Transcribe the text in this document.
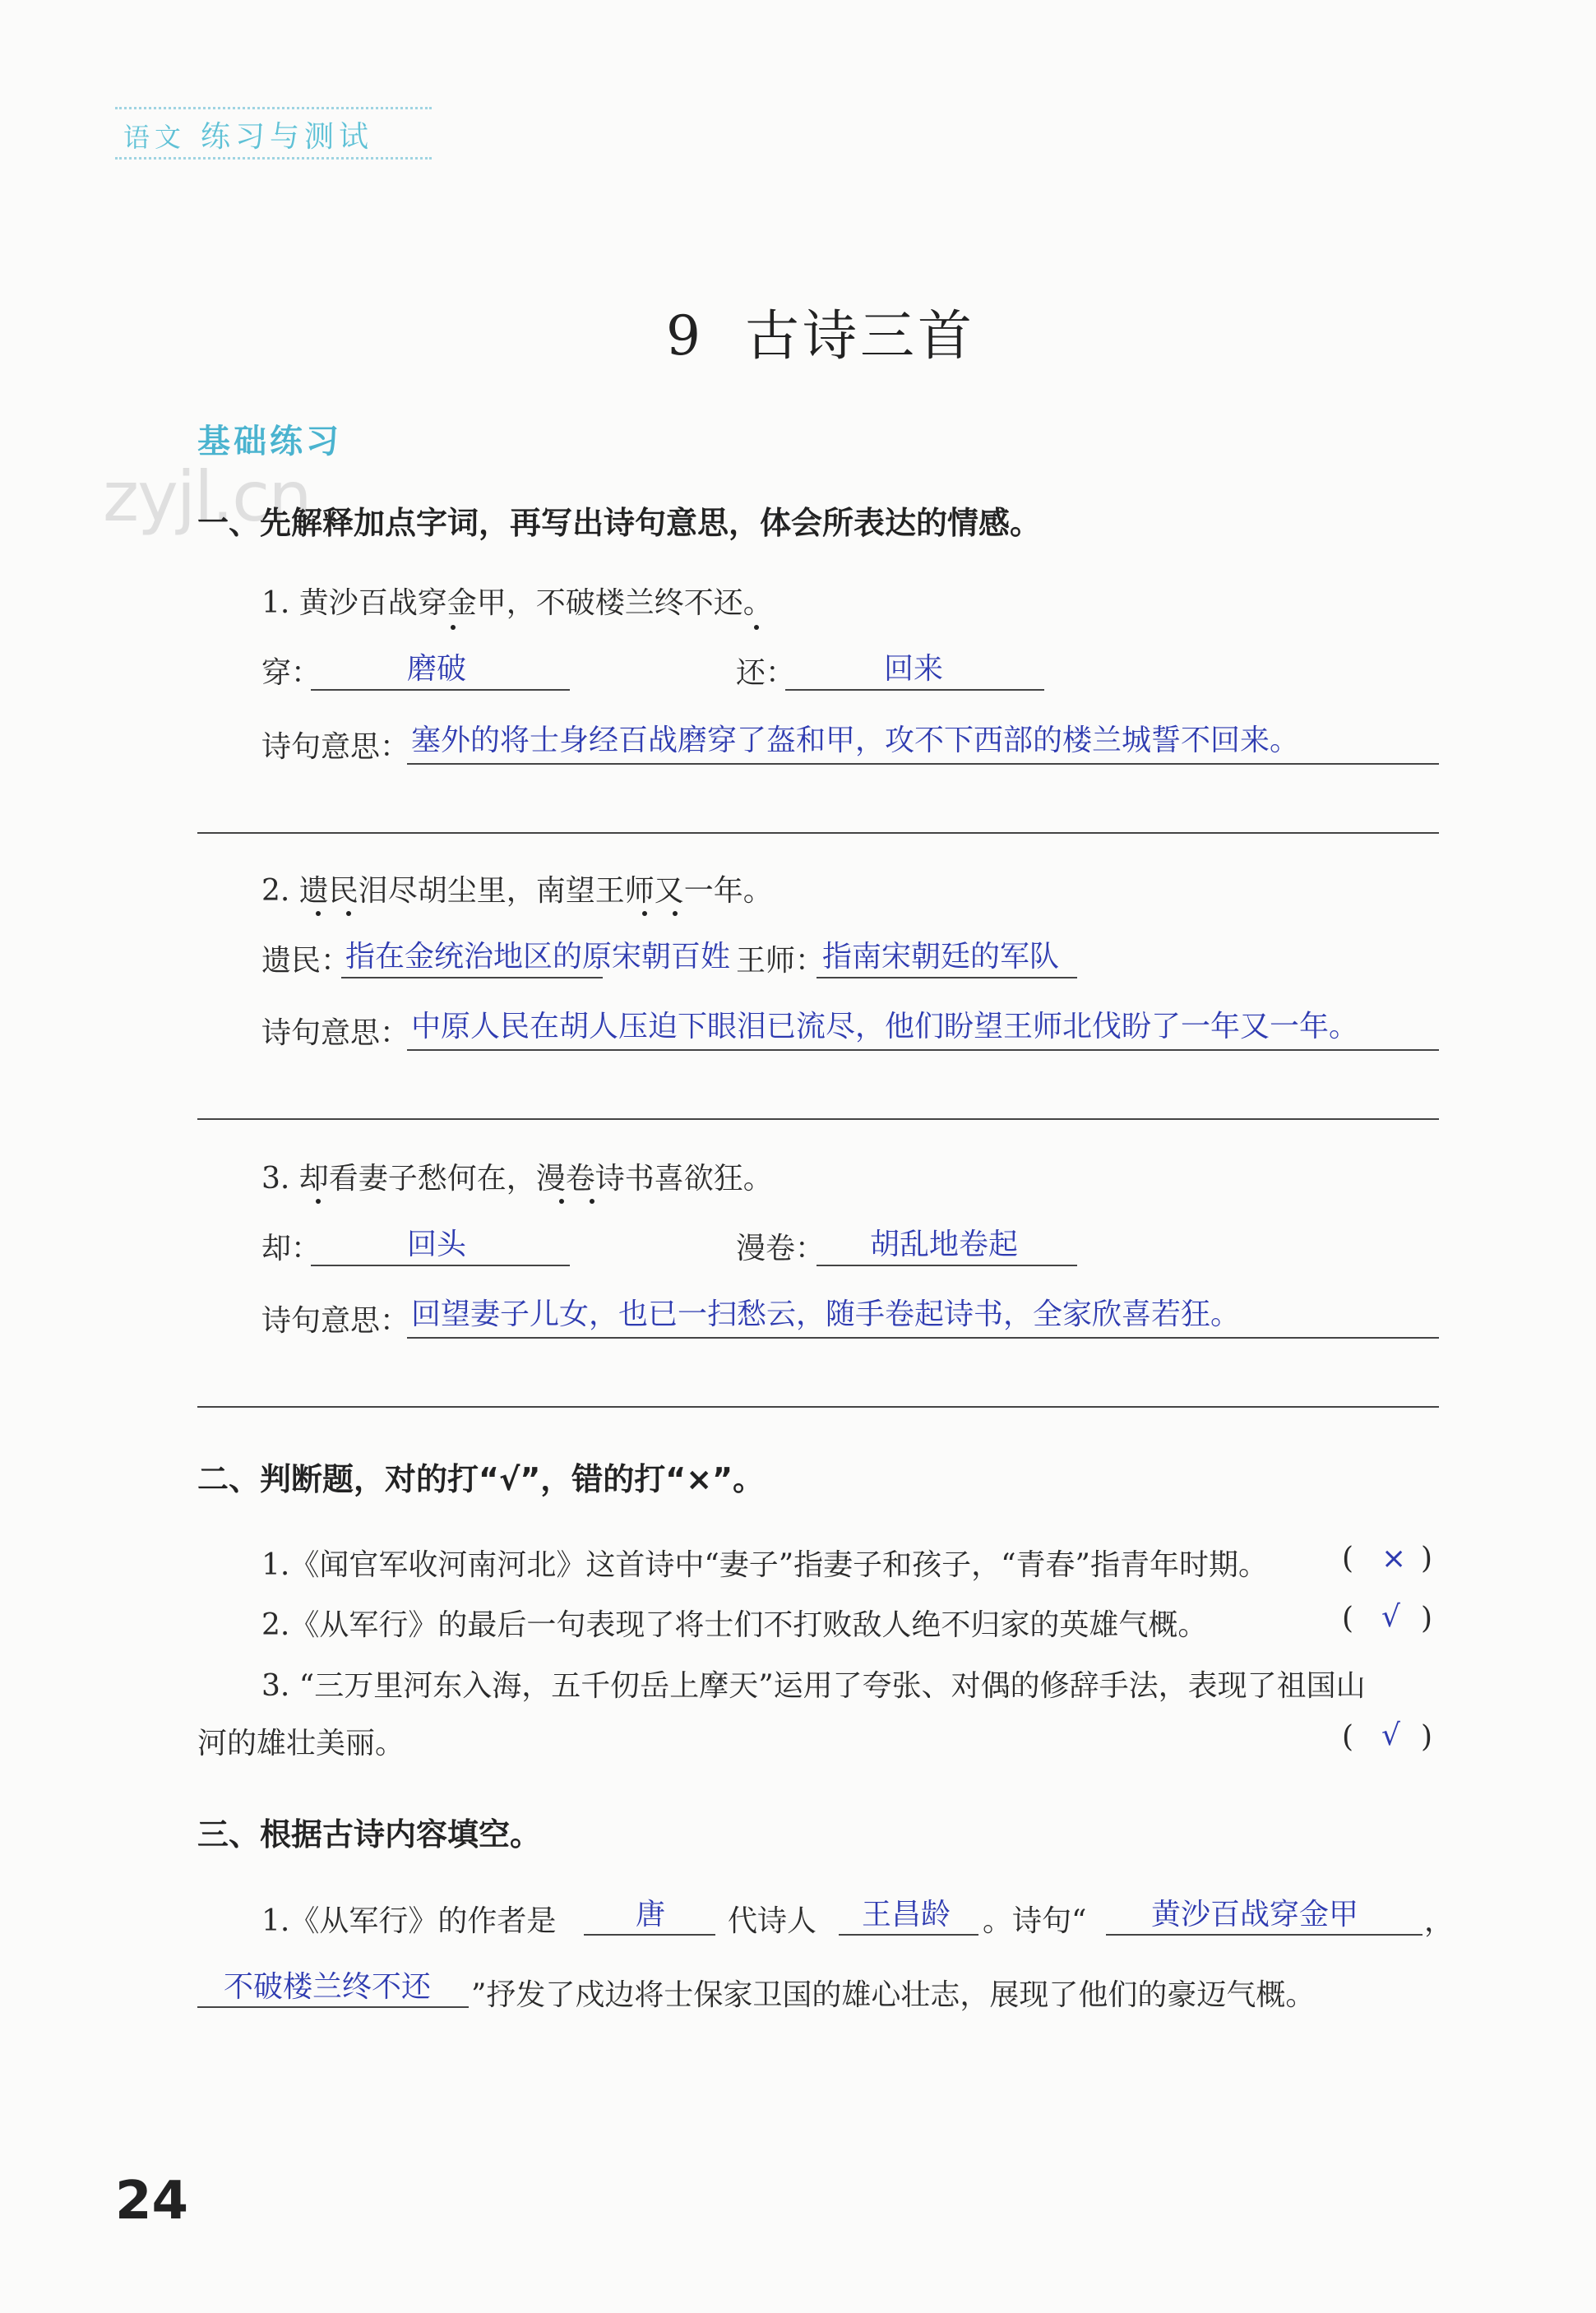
语文 练习与测试
9 古诗三首
基础练习
zyjl.cn
一、先解释加点字词，再写出诗句意思，体会所表达的情感。
1. 黄沙百战穿金甲，不破楼兰终不还。
穿：	磨破	还：	回来
诗句意思： 塞外的将士身经百战磨穿了盔和甲，攻不下西部的楼兰城誓不回来。
2. 遗民泪尽胡尘里，南望王师又一年。
遗民：
指在金统治地区的原宋朝百姓 王师：
指南宋朝廷的军队
诗句意思： 中原人民在胡人压迫下眼泪已流尽，他们盼望王师北伐盼了一年又一年。
3. 却看妻子愁何在，漫卷诗书喜欲狂。
却：	回头	漫卷： 胡乱地卷起
诗句意思： 回望妻子儿女，也已一扫愁云，随手卷起诗书，全家欣喜若狂。
二、判断题，对的打“√”，错的打“×”。
1.《闻官军收河南河北》这首诗中“妻子”指妻子和孩子，“青春”指青年时期。	( × )
2.《从军行》的最后一句表现了将士们不打败敌人绝不归家的英雄气概。	( √ )
3. “三万里河东入海，五千仞岳上摩天”运用了夸张、对偶的修辞手法，表现了祖国山
河的雄壮美丽。	( √ )
三、根据古诗内容填空。
1.《从军行》的作者是	唐 代诗人 王昌龄 。诗句“ 黄沙百战穿金甲 ，
不破楼兰终不还 ”抒发了戍边将士保家卫国的雄心壮志，展现了他们的豪迈气概。
24
